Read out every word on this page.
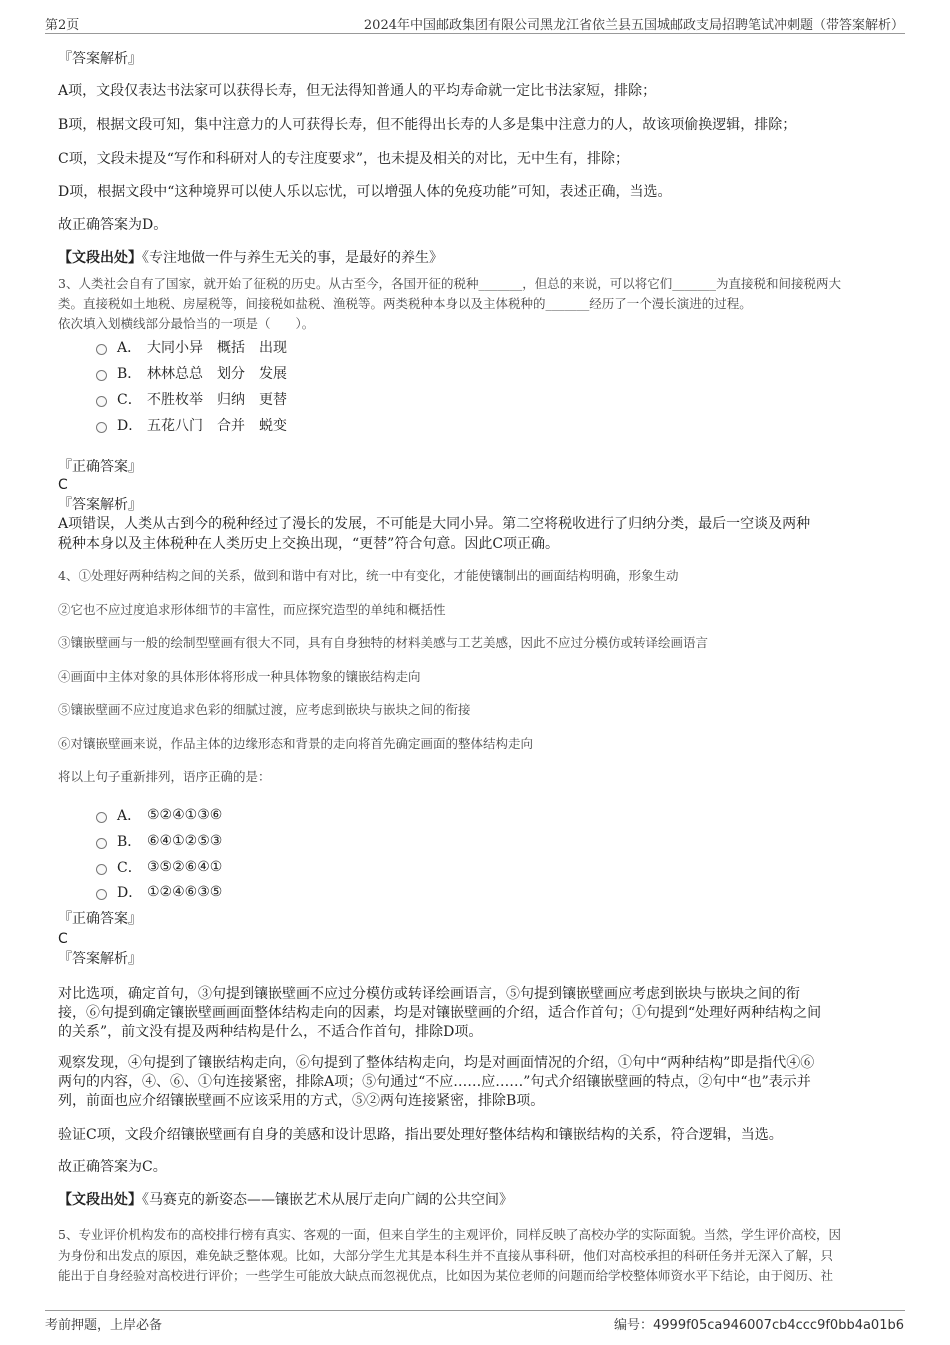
第2页	2024年中国邮政集团有限公司黑龙江省依兰县五国城邮政支局招聘笔试冲刺题（带答案解析）
『答案解析』
A项，文段仅表达书法家可以获得长寿，但无法得知普通人的平均寿命就一定比书法家短，排除；
B项，根据文段可知，集中注意力的人可获得长寿，但不能得出长寿的人多是集中注意力的人，故该项偷换逻辑，排除；
C项，文段未提及“写作和科研对人的专注度要求”，也未提及相关的对比，无中生有，排除；
D项，根据文段中“这种境界可以使人乐以忘忧，可以增强人体的免疫功能”可知，表述正确，当选。
故正确答案为D。
【文段出处】《专注地做一件与养生无关的事，是最好的养生》
3、人类社会自有了国家，就开始了征税的历史。从古至今，各国开征的税种_______，但总的来说，可以将它们_______为直接税和间接税两大
类。直接税如土地税、房屋税等，间接税如盐税、渔税等。两类税种本身以及主体税种的_______经历了一个漫长演进的过程。
依次填入划横线部分最恰当的一项是（　　）。
A． 大同小异 概括 出现
B． 林林总总 划分 发展
C． 不胜枚举 归纳 更替
D． 五花八门 合并 蜕变
『正确答案』
C
『答案解析』
A项错误，人类从古到今的税种经过了漫长的发展，不可能是大同小异。第二空将税收进行了归纳分类，最后一空谈及两种
税种本身以及主体税种在人类历史上交换出现，“更替”符合句意。因此C项正确。
4、①处理好两种结构之间的关系，做到和谐中有对比，统一中有变化，才能使镶制出的画面结构明确，形象生动
②它也不应过度追求形体细节的丰富性，而应探究造型的单纯和概括性
③镶嵌壁画与一般的绘制型壁画有很大不同，具有自身独特的材料美感与工艺美感，因此不应过分模仿或转译绘画语言
④画面中主体对象的具体形体将形成一种具体物象的镶嵌结构走向
⑤镶嵌壁画不应过度追求色彩的细腻过渡，应考虑到嵌块与嵌块之间的衔接
⑥对镶嵌壁画来说，作品主体的边缘形态和背景的走向将首先确定画面的整体结构走向
将以上句子重新排列，语序正确的是：
A． ⑤②④①③⑥
B． ⑥④①②⑤③
C． ③⑤②⑥④①
D． ①②④⑥③⑤
『正确答案』
C
『答案解析』
对比选项，确定首句，③句提到镶嵌壁画不应过分模仿或转译绘画语言，⑤句提到镶嵌壁画应考虑到嵌块与嵌块之间的衔
接，⑥句提到确定镶嵌壁画画面整体结构走向的因素，均是对镶嵌壁画的介绍，适合作首句；①句提到“处理好两种结构之间
的关系”，前文没有提及两种结构是什么，不适合作首句，排除D项。
观察发现，④句提到了镶嵌结构走向，⑥句提到了整体结构走向，均是对画面情况的介绍，①句中“两种结构”即是指代④⑥
两句的内容，④、⑥、①句连接紧密，排除A项；⑤句通过“不应……应……”句式介绍镶嵌壁画的特点，②句中“也”表示并
列，前面也应介绍镶嵌壁画不应该采用的方式，⑤②两句连接紧密，排除B项。
验证C项，文段介绍镶嵌壁画有自身的美感和设计思路，指出要处理好整体结构和镶嵌结构的关系，符合逻辑，当选。
故正确答案为C。
【文段出处】《马赛克的新姿态——镶嵌艺术从展厅走向广阔的公共空间》
5、专业评价机构发布的高校排行榜有真实、客观的一面，但来自学生的主观评价，同样反映了高校办学的实际面貌。当然，学生评价高校，因
为身份和出发点的原因，难免缺乏整体观。比如，大部分学生尤其是本科生并不直接从事科研，他们对高校承担的科研任务并无深入了解，只
能出于自身经验对高校进行评价；一些学生可能放大缺点而忽视优点，比如因为某位老师的问题而给学校整体师资水平下结论，由于阅历、社
考前押题，上岸必备	编号：4999f05ca946007cb4ccc9f0bb4a01b6
